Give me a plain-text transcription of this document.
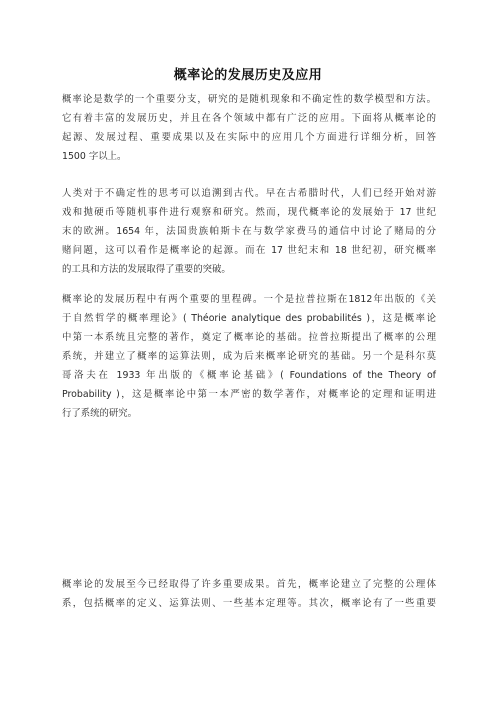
概率论的发展历史及应用
概率论是数学的一个重要分支，研究的是随机现象和不确定性的数学模型和方法。
它有着丰富的发展历史，并且在各个领域中都有广泛的应用。下面将从概率论的
起源、发展过程、重要成果以及在实际中的应用几个方面进行详细分析，回答
1500 字以上。
人类对于不确定性的思考可以追溯到古代。早在古希腊时代，人们已经开始对游
戏和抛硬币等随机事件进行观察和研究。然而，现代概率论的发展始于 17 世纪
末的欧洲。1654 年，法国贵族帕斯卡在与数学家费马的通信中讨论了赌局的分
赌问题，这可以看作是概率论的起源。而在 17 世纪末和 18 世纪初，研究概率
的工具和方法的发展取得了重要的突破。
概率论的发展历程中有两个重要的里程碑。一个是拉普拉斯在1812年出版的《关
于自然哲学的概率理论》( Théorie analytique des probabilités )，这是概率论
中第一本系统且完整的著作，奠定了概率论的基础。拉普拉斯提出了概率的公理
系统，并建立了概率的运算法则，成为后来概率论研究的基础。另一个是科尔莫
哥洛夫在 1933 年出版的《概率论基础》( Foundations of the Theory of
Probability )，这是概率论中第一本严密的数学著作，对概率论的定理和证明进
行了系统的研究。
概率论的发展至今已经取得了许多重要成果。首先，概率论建立了完整的公理体
系，包括概率的定义、运算法则、一些基本定理等。其次，概率论有了一些重要
